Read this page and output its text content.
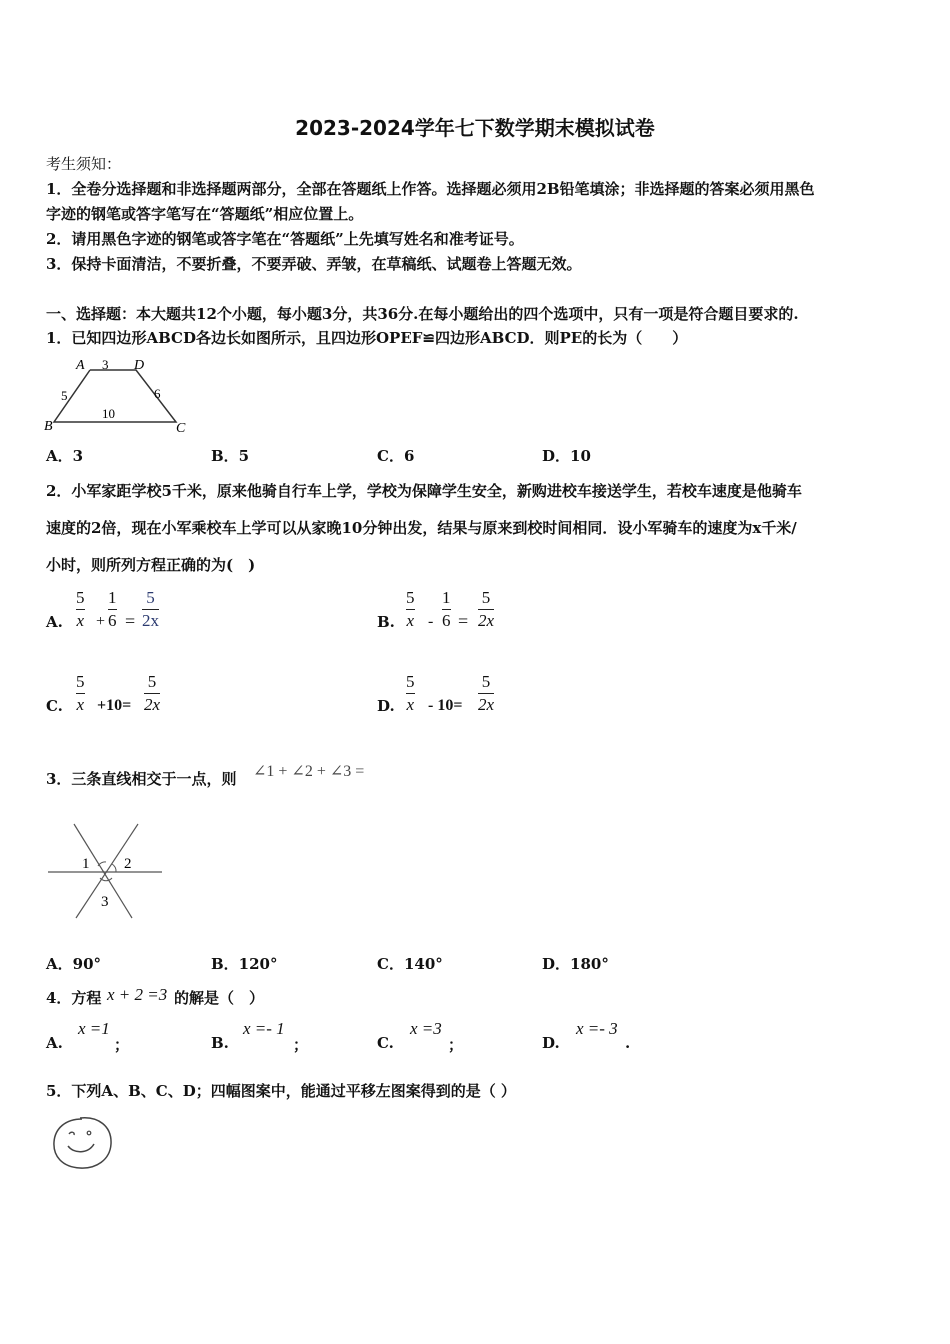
2023-2024学年七下数学期末模拟试卷
考生须知：
1．全卷分选择题和非选择题两部分，全部在答题纸上作答。选择题必须用2B铅笔填涂；非选择题的答案必须用黑色
字迹的钢笔或答字笔写在“答题纸”相应位置上。
2．请用黑色字迹的钢笔或答字笔在“答题纸”上先填写姓名和准考证号。
3．保持卡面清洁，不要折叠，不要弄破、弄皱，在草稿纸、试题卷上答题无效。
一、选择题：本大题共12个小题，每小题3分，共36分.在每小题给出的四个选项中，只有一项是符合题目要求的.
1．已知四边形ABCD各边长如图所示，且四边形OPEF≌四边形ABCD．则PE的长为（　　）
A 3 D
5	6
10
B	C
A．3	B．5	C．6	D．10
2．小军家距学校5千米，原来他骑自行车上学，学校为保障学生安全，新购进校车接送学生，若校车速度是他骑车
速度的2倍，现在小军乘校车上学可以从家晚10分钟出发，结果与原来到校时间相同．设小军骑车的速度为x千米/
小时，则所列方程正确的为(　)
A.
5
x +
1
6 =
5
2x	B.
5
x -
1
6 =
5
2x
C.
5
x +10=
5
2x	D.
5
x - 10=
5
2x
3．三条直线相交于一点，则 ∠1 + ∠2 + ∠3 =
1 2
3
A．90°	B．120°	C．140°	D．180°
4．方程 x + 2 =3 的解是（　）
A.
x =1
；	B.
x =- 1
；	C.
x =3
；	D.
x =- 3
.
5．下列A、B、C、D；四幅图案中，能通过平移左图案得到的是（ ）
